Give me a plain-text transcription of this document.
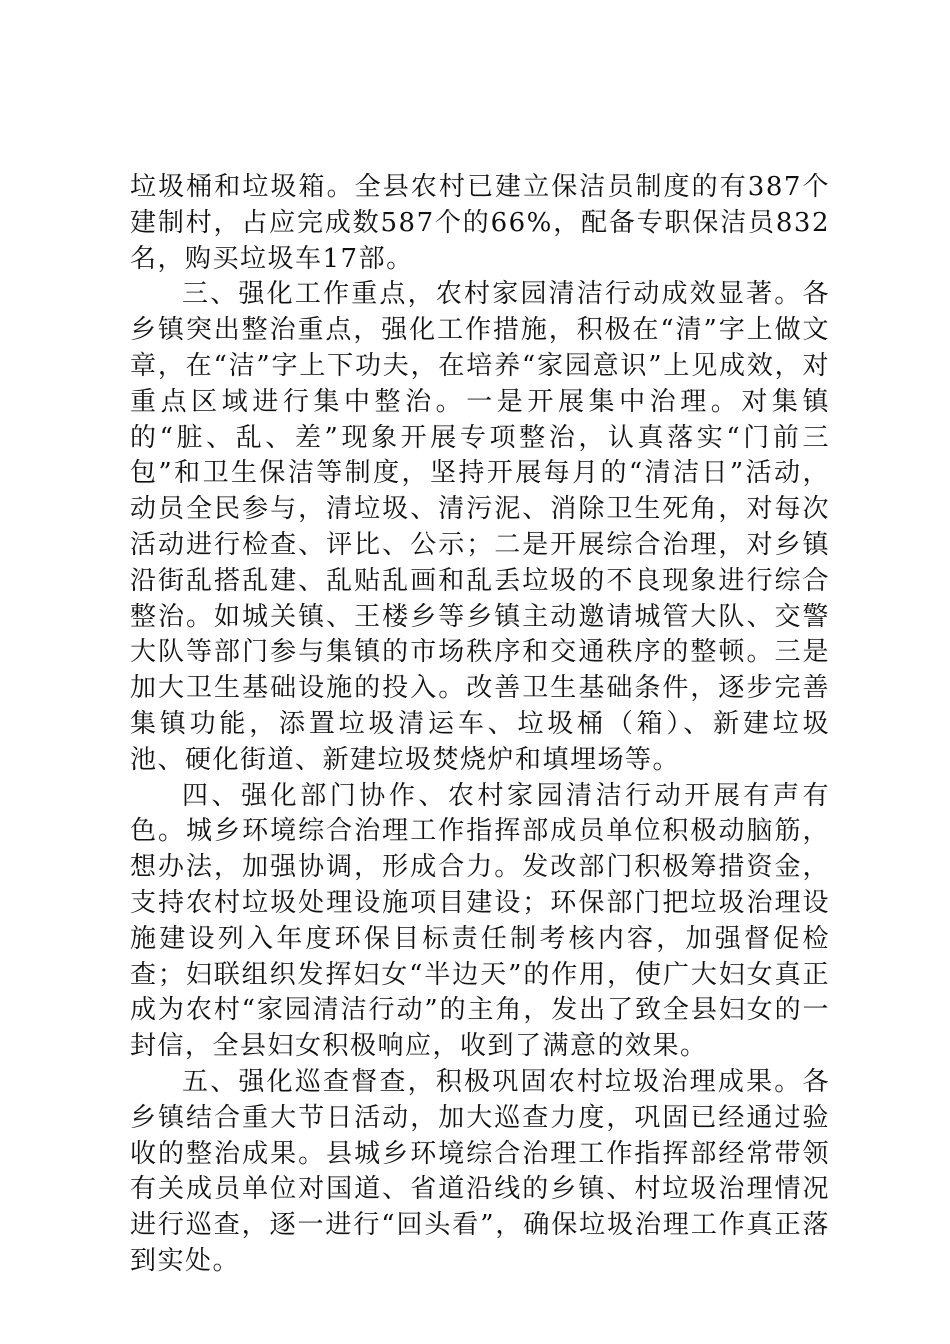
垃圾桶和垃圾箱。全县农村已建立保洁员制度的有387个建制村，占应完成数587个的66%，配备专职保洁员832名，购买垃圾车17部。

三、强化工作重点，农村家园清洁行动成效显著。各乡镇突出整治重点，强化工作措施，积极在“清”字上做文章，在“洁”字上下功夫，在培养“家园意识”上见成效，对重点区域进行集中整治。一是开展集中治理。对集镇的“脏、乱、差”现象开展专项整治，认真落实“门前三包”和卫生保洁等制度，坚持开展每月的“清洁日”活动，动员全民参与，清垃圾、清污泥、消除卫生死角，对每次活动进行检查、评比、公示；二是开展综合治理，对乡镇沿街乱搭乱建、乱贴乱画和乱丢垃圾的不良现象进行综合整治。如城关镇、王楼乡等乡镇主动邀请城管大队、交警大队等部门参与集镇的市场秩序和交通秩序的整顿。三是加大卫生基础设施的投入。改善卫生基础条件，逐步完善集镇功能，添置垃圾清运车、垃圾桶（箱）、新建垃圾池、硬化街道、新建垃圾焚烧炉和填埋场等。

四、强化部门协作、农村家园清洁行动开展有声有色。城乡环境综合治理工作指挥部成员单位积极动脑筋，想办法，加强协调，形成合力。发改部门积极筹措资金，支持农村垃圾处理设施项目建设；环保部门把垃圾治理设施建设列入年度环保目标责任制考核内容，加强督促检查；妇联组织发挥妇女“半边天”的作用，使广大妇女真正成为农村“家园清洁行动”的主角，发出了致全县妇女的一封信，全县妇女积极响应，收到了满意的效果。

五、强化巡查督查，积极巩固农村垃圾治理成果。各乡镇结合重大节日活动，加大巡查力度，巩固已经通过验收的整治成果。县城乡环境综合治理工作指挥部经常带领有关成员单位对国道、省道沿线的乡镇、村垃圾治理情况进行巡查，逐一进行“回头看”，确保垃圾治理工作真正落到实处。
